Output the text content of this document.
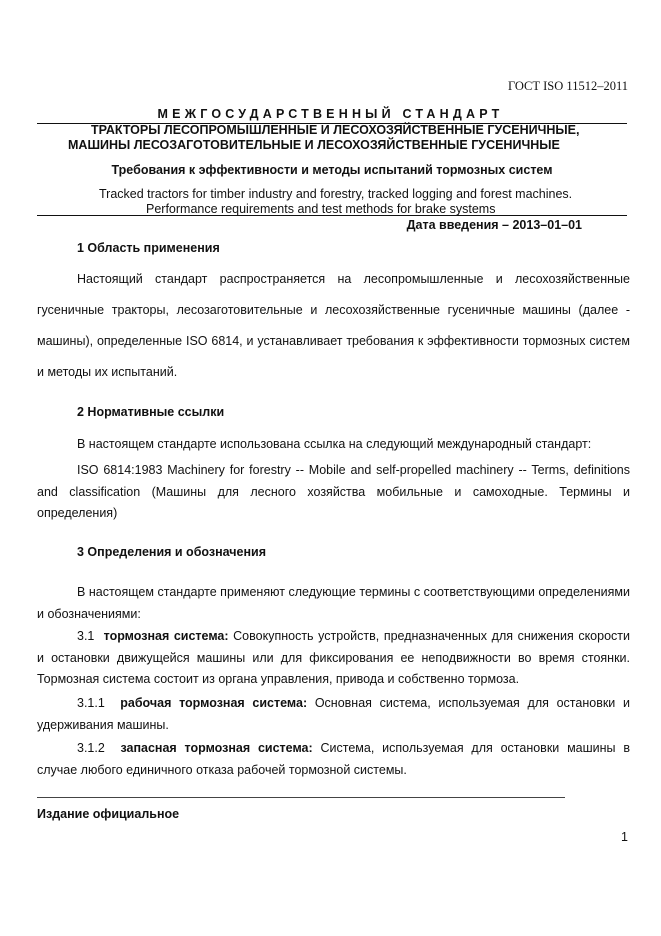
ГОСТ ISO 11512–2011
МЕЖГОСУДАРСТВЕННЫЙ СТАНДАРТ
ТРАКТОРЫ ЛЕСОПРОМЫШЛЕННЫЕ И ЛЕСОХОЗЯЙСТВЕННЫЕ ГУСЕНИЧНЫЕ,
МАШИНЫ ЛЕСОЗАГОТОВИТЕЛЬНЫЕ И ЛЕСОХОЗЯЙСТВЕННЫЕ ГУСЕНИЧНЫЕ
Требования к эффективности и методы испытаний тормозных систем
Tracked tractors for timber industry and forestry, tracked logging and forest machines.
Performance requirements and test methods for brake systems
Дата введения – 2013–01–01
1 Область применения
Настоящий стандарт распространяется на лесопромышленные и лесохозяйственные гусеничные тракторы, лесозаготовительные и лесохозяйственные гусеничные машины (далее - машины), определенные ISO 6814, и устанавливает требования к эффективности тормозных систем и методы их испытаний.
2 Нормативные ссылки
В настоящем стандарте использована ссылка на следующий международный стандарт:
ISO 6814:1983 Machinery for forestry -- Mobile and self-propelled machinery -- Terms, definitions and classification (Машины для лесного хозяйства мобильные и самоходные. Термины и определения)
3 Определения и обозначения
В настоящем стандарте применяют следующие термины с соответствующими определениями и обозначениями:
3.1 тормозная система: Совокупность устройств, предназначенных для снижения скорости и остановки движущейся машины или для фиксирования ее неподвижности во время стоянки. Тормозная система состоит из органа управления, привода и собственно тормоза.
3.1.1 рабочая тормозная система: Основная система, используемая для остановки и удерживания машины.
3.1.2 запасная тормозная система: Система, используемая для остановки машины в случае любого единичного отказа рабочей тормозной системы.
Издание официальное
1
